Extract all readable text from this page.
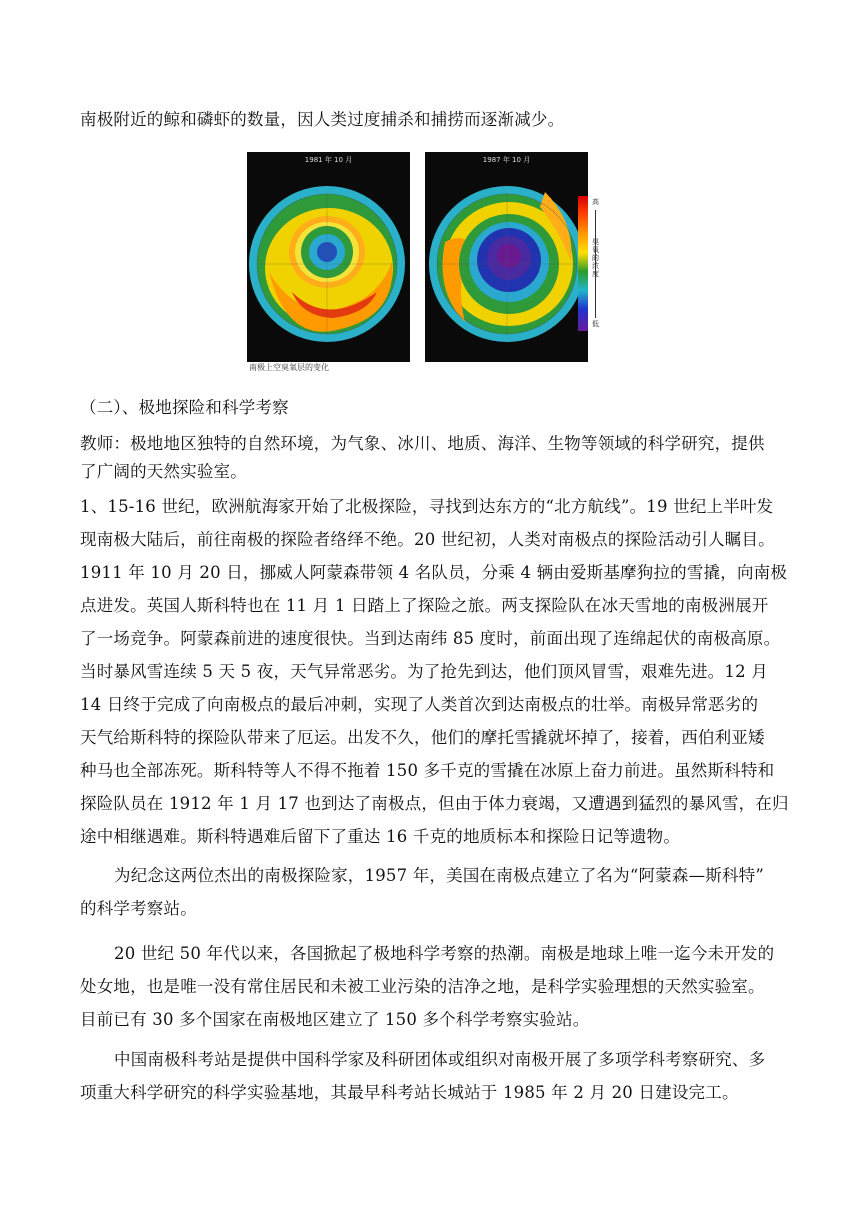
南极附近的鲸和磷虾的数量，因人类过度捕杀和捕捞而逐渐减少。
1981 年 10 月	1987 年 10 月
南极上空臭氧层的变化
高
臭氧的浓度
低
（二）、极地探险和科学考察
教师：极地地区独特的自然环境，为气象、冰川、地质、海洋、生物等领域的科学研究，提供
了广阔的天然实验室。
1、15-16 世纪，欧洲航海家开始了北极探险，寻找到达东方的“北方航线”。19 世纪上半叶发
现南极大陆后，前往南极的探险者络绎不绝。20 世纪初，人类对南极点的探险活动引人瞩目。
1911 年 10 月 20 日，挪威人阿蒙森带领 4 名队员，分乘 4 辆由爱斯基摩狗拉的雪撬，向南极
点进发。英国人斯科特也在 11 月 1 日踏上了探险之旅。两支探险队在冰天雪地的南极洲展开
了一场竞争。阿蒙森前进的速度很快。当到达南纬 85 度时，前面出现了连绵起伏的南极高原。
当时暴风雪连续 5 天 5 夜，天气异常恶劣。为了抢先到达，他们顶风冒雪，艰难先进。12 月
14 日终于完成了向南极点的最后冲刺，实现了人类首次到达南极点的壮举。南极异常恶劣的
天气给斯科特的探险队带来了厄运。出发不久，他们的摩托雪撬就坏掉了，接着，西伯利亚矮
种马也全部冻死。斯科特等人不得不拖着 150 多千克的雪撬在冰原上奋力前进。虽然斯科特和
探险队员在 1912 年 1 月 17 也到达了南极点，但由于体力衰竭，又遭遇到猛烈的暴风雪，在归
途中相继遇难。斯科特遇难后留下了重达 16 千克的地质标本和探险日记等遗物。
为纪念这两位杰出的南极探险家，1957 年，美国在南极点建立了名为“阿蒙森—斯科特”
的科学考察站。
20 世纪 50 年代以来，各国掀起了极地科学考察的热潮。南极是地球上唯一迄今未开发的
处女地，也是唯一没有常住居民和未被工业污染的洁净之地，是科学实验理想的天然实验室。
目前已有 30 多个国家在南极地区建立了 150 多个科学考察实验站。
中国南极科考站是提供中国科学家及科研团体或组织对南极开展了多项学科考察研究、多
项重大科学研究的科学实验基地，其最早科考站长城站于 1985 年 2 月 20 日建设完工。
